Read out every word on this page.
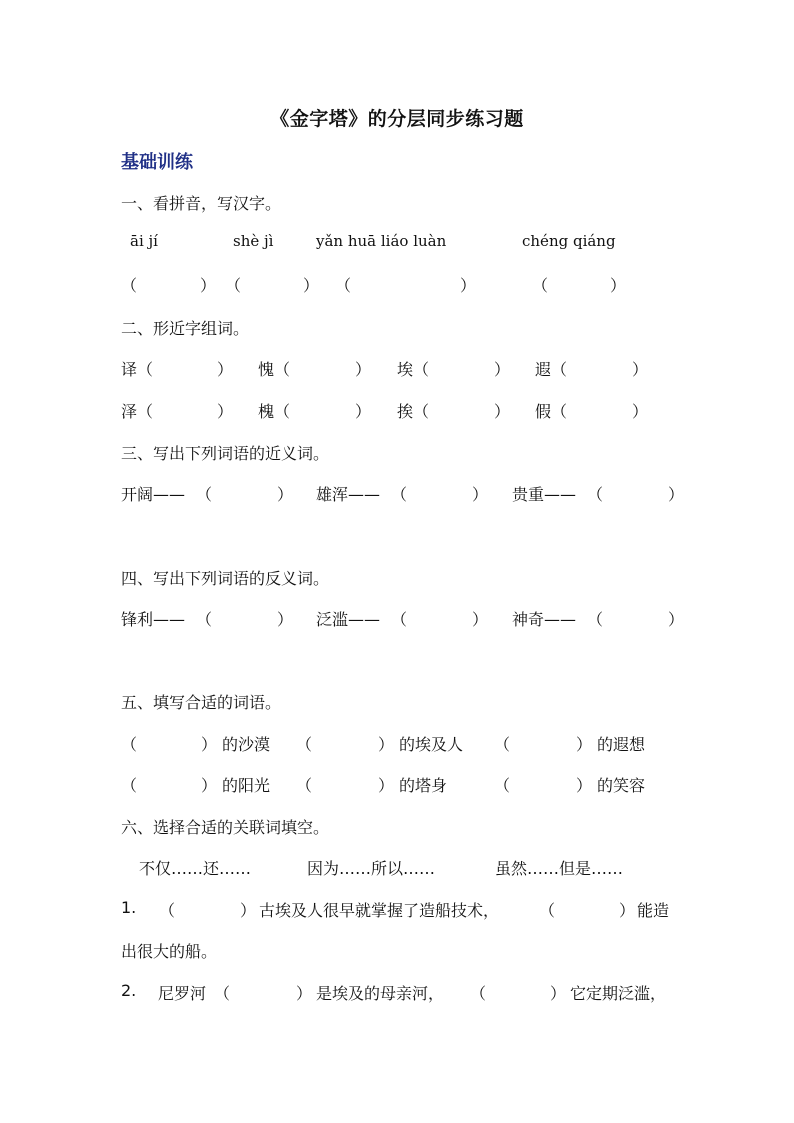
《金字塔》的分层同步练习题
基础训练
一、看拼音，写汉字。
āi jí	shè jì	yǎn huā liáo luàn	chéng qiáng
（	） （	） （	）	（	）
二、形近字组词。
译 （	） 愧 （	） 埃 （	） 遐 （	）
泽 （	） 槐 （	） 挨 （	） 假 （	）
三、写出下列词语的近义词。
开阔—— （	） 雄浑—— （	） 贵重—— （	）
四、写出下列词语的反义词。
锋利—— （	） 泛滥—— （	） 神奇—— （	）
五、填写合适的词语。
（	） 的沙漠 （	） 的埃及人 （	） 的遐想
（	） 的阳光 （	） 的塔身	（	） 的笑容
六、选择合适的关联词填空。
不仅……还……	因为……所以……	虽然……但是……
1. （	） 古埃及人很早就掌握了造船技术， （	） 能造
出很大的船。
2. 尼罗河 （	） 是埃及的母亲河， （	） 它定期泛滥，
